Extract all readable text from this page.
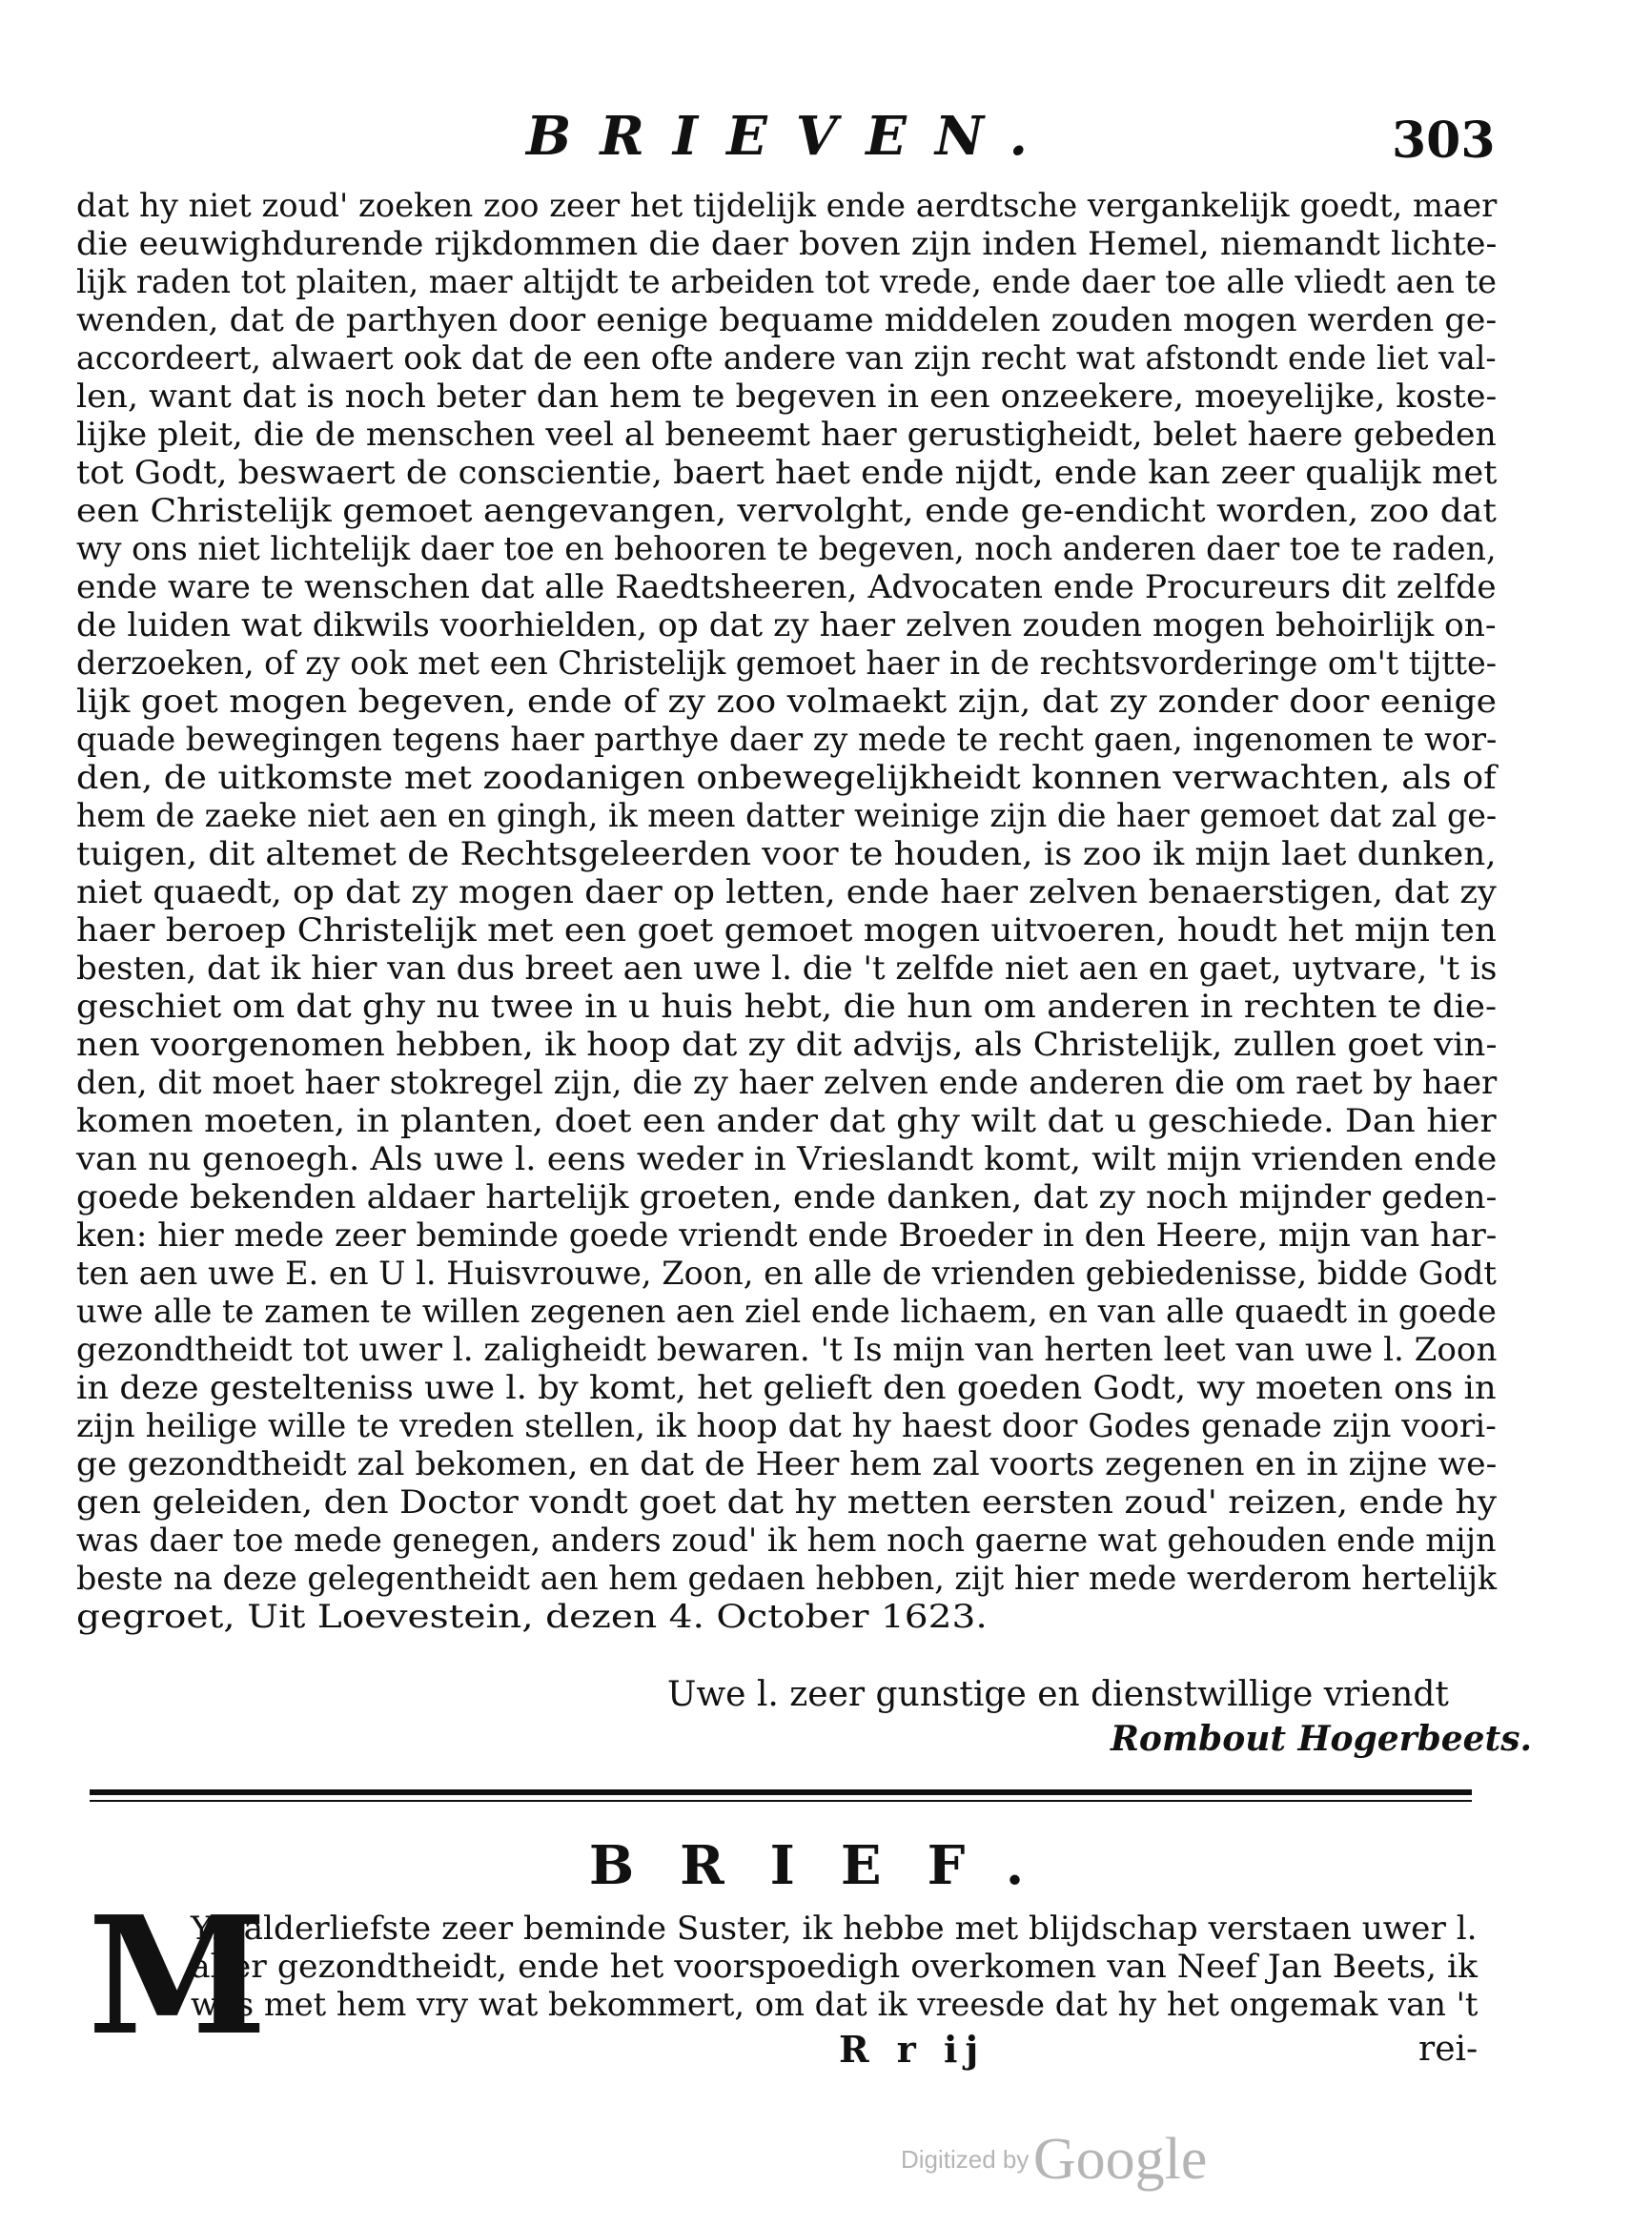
BRIEVEN.	303
dat hy niet zoud' zoeken zoo zeer het tijdelijk ende aerdtsche vergankelijk goedt, maer
die eeuwighdurende rijkdommen die daer boven zijn inden Hemel, niemandt lichte-
lijk raden tot plaiten, maer altijdt te arbeiden tot vrede, ende daer toe alle vliedt aen te
wenden, dat de parthyen door eenige bequame middelen zouden mogen werden ge-
accordeert, alwaert ook dat de een ofte andere van zijn recht wat afstondt ende liet val-
len, want dat is noch beter dan hem te begeven in een onzeekere, moeyelijke, koste-
lijke pleit, die de menschen veel al beneemt haer gerustigheidt, belet haere gebeden
tot Godt, beswaert de conscientie, baert haet ende nijdt, ende kan zeer qualijk met
een Christelijk gemoet aengevangen, vervolght, ende ge-endicht worden, zoo dat
wy ons niet lichtelijk daer toe en behooren te begeven, noch anderen daer toe te raden,
ende ware te wenschen dat alle Raedtsheeren, Advocaten ende Procureurs dit zelfde
de luiden wat dikwils voorhielden, op dat zy haer zelven zouden mogen behoirlijk on-
derzoeken, of zy ook met een Christelijk gemoet haer in de rechtsvorderinge om't tijtte-
lijk goet mogen begeven, ende of zy zoo volmaekt zijn, dat zy zonder door eenige
quade bewegingen tegens haer parthye daer zy mede te recht gaen, ingenomen te wor-
den, de uitkomste met zoodanigen onbewegelijkheidt konnen verwachten, als of
hem de zaeke niet aen en gingh, ik meen datter weinige zijn die haer gemoet dat zal ge-
tuigen, dit altemet de Rechtsgeleerden voor te houden, is zoo ik mijn laet dunken,
niet quaedt, op dat zy mogen daer op letten, ende haer zelven benaerstigen, dat zy
haer beroep Christelijk met een goet gemoet mogen uitvoeren, houdt het mijn ten
besten, dat ik hier van dus breet aen uwe l. die 't zelfde niet aen en gaet, uytvare, 't is
geschiet om dat ghy nu twee in u huis hebt, die hun om anderen in rechten te die-
nen voorgenomen hebben, ik hoop dat zy dit advijs, als Christelijk, zullen goet vin-
den, dit moet haer stokregel zijn, die zy haer zelven ende anderen die om raet by haer
komen moeten, in planten, doet een ander dat ghy wilt dat u geschiede. Dan hier
van nu genoegh. Als uwe l. eens weder in Vrieslandt komt, wilt mijn vrienden ende
goede bekenden aldaer hartelijk groeten, ende danken, dat zy noch mijnder geden-
ken: hier mede zeer beminde goede vriendt ende Broeder in den Heere, mijn van har-
ten aen uwe E. en U l. Huisvrouwe, Zoon, en alle de vrienden gebiedenisse, bidde Godt
uwe alle te zamen te willen zegenen aen ziel ende lichaem, en van alle quaedt in goede
gezondtheidt tot uwer l. zaligheidt bewaren. 't Is mijn van herten leet van uwe l. Zoon
in deze gestelteniss uwe l. by komt, het gelieft den goeden Godt, wy moeten ons in
zijn heilige wille te vreden stellen, ik hoop dat hy haest door Godes genade zijn voori-
ge gezondtheidt zal bekomen, en dat de Heer hem zal voorts zegenen en in zijne we-
gen geleiden, den Doctor vondt goet dat hy metten eersten zoud' reizen, ende hy
was daer toe mede genegen, anders zoud' ik hem noch gaerne wat gehouden ende mijn
beste na deze gelegentheidt aen hem gedaen hebben, zijt hier mede werderom hertelijk
gegroet, Uit Loevestein, dezen 4. October 1623.
Uwe l. zeer gunstige en dienstwillige vriendt
Rombout Hogerbeets.
BRIEF.
M
Yn alderliefste zeer beminde Suster, ik hebbe met blijdschap verstaen uwer l.
aller gezondtheidt, ende het voorspoedigh overkomen van Neef Jan Beets, ik
was met hem vry wat bekommert, om dat ik vreesde dat hy het ongemak van 't
R r ij	rei-
Digitized by Google
